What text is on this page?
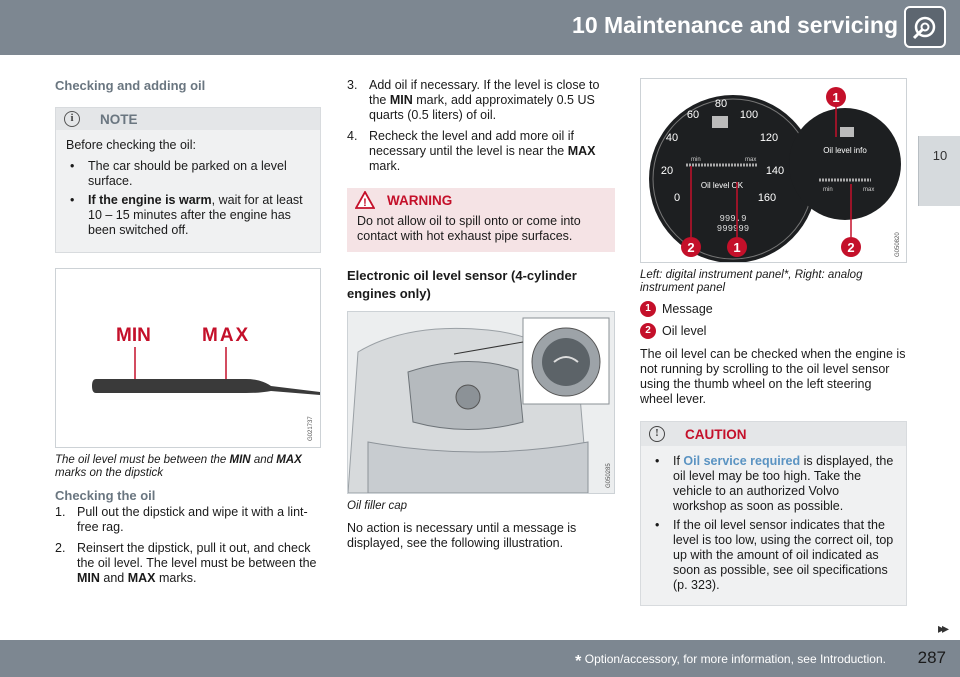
10 Maintenance and servicing
10
Checking and adding oil
i	NOTE
Before checking the oil:
• The car should be parked on a level surface.
• If the engine is warm, wait for at least 10 – 15 minutes after the engine has been switched off.
MIN	MAX
G021737
The oil level must be between the MIN and MAX marks on the dipstick
Checking the oil
1. Pull out the dipstick and wipe it with a lint-free rag.
2. Reinsert the dipstick, pull it out, and check the oil level. The level must be between the MIN and MAX marks.
3. Add oil if necessary. If the level is close to the MIN mark, add approximately 0.5 US quarts (0.5 liters) of oil.
4. Recheck the level and add more oil if necessary until the level is near the MAX mark.
! WARNING
Do not allow oil to spill onto or come into contact with hot exhaust pipe surfaces.
Electronic oil level sensor (4-cylinder engines only)
G050285
Oil filler cap
No action is necessary until a message is displayed, see the following illustration.
0
20
40
60
80
100
120
140
160
min	max
Oil level OK
999.9
999999
Oil level info
min	max
2	1
1
2	G050820
Left: digital instrument panel*, Right: analog instrument panel
1 Message
2 Oil level
The oil level can be checked when the engine is not running by scrolling to the oil level sensor using the thumb wheel on the left steering wheel lever.
!	CAUTION
• If Oil service required is displayed, the oil level may be too high. Take the vehicle to an authorized Volvo workshop as soon as possible.
• If the oil level sensor indicates that the level is too low, using the correct oil, top up with the amount of oil indicated as soon as possible, see oil specifications (p. 323).
▸▸
* Option/accessory, for more information, see Introduction. 287
